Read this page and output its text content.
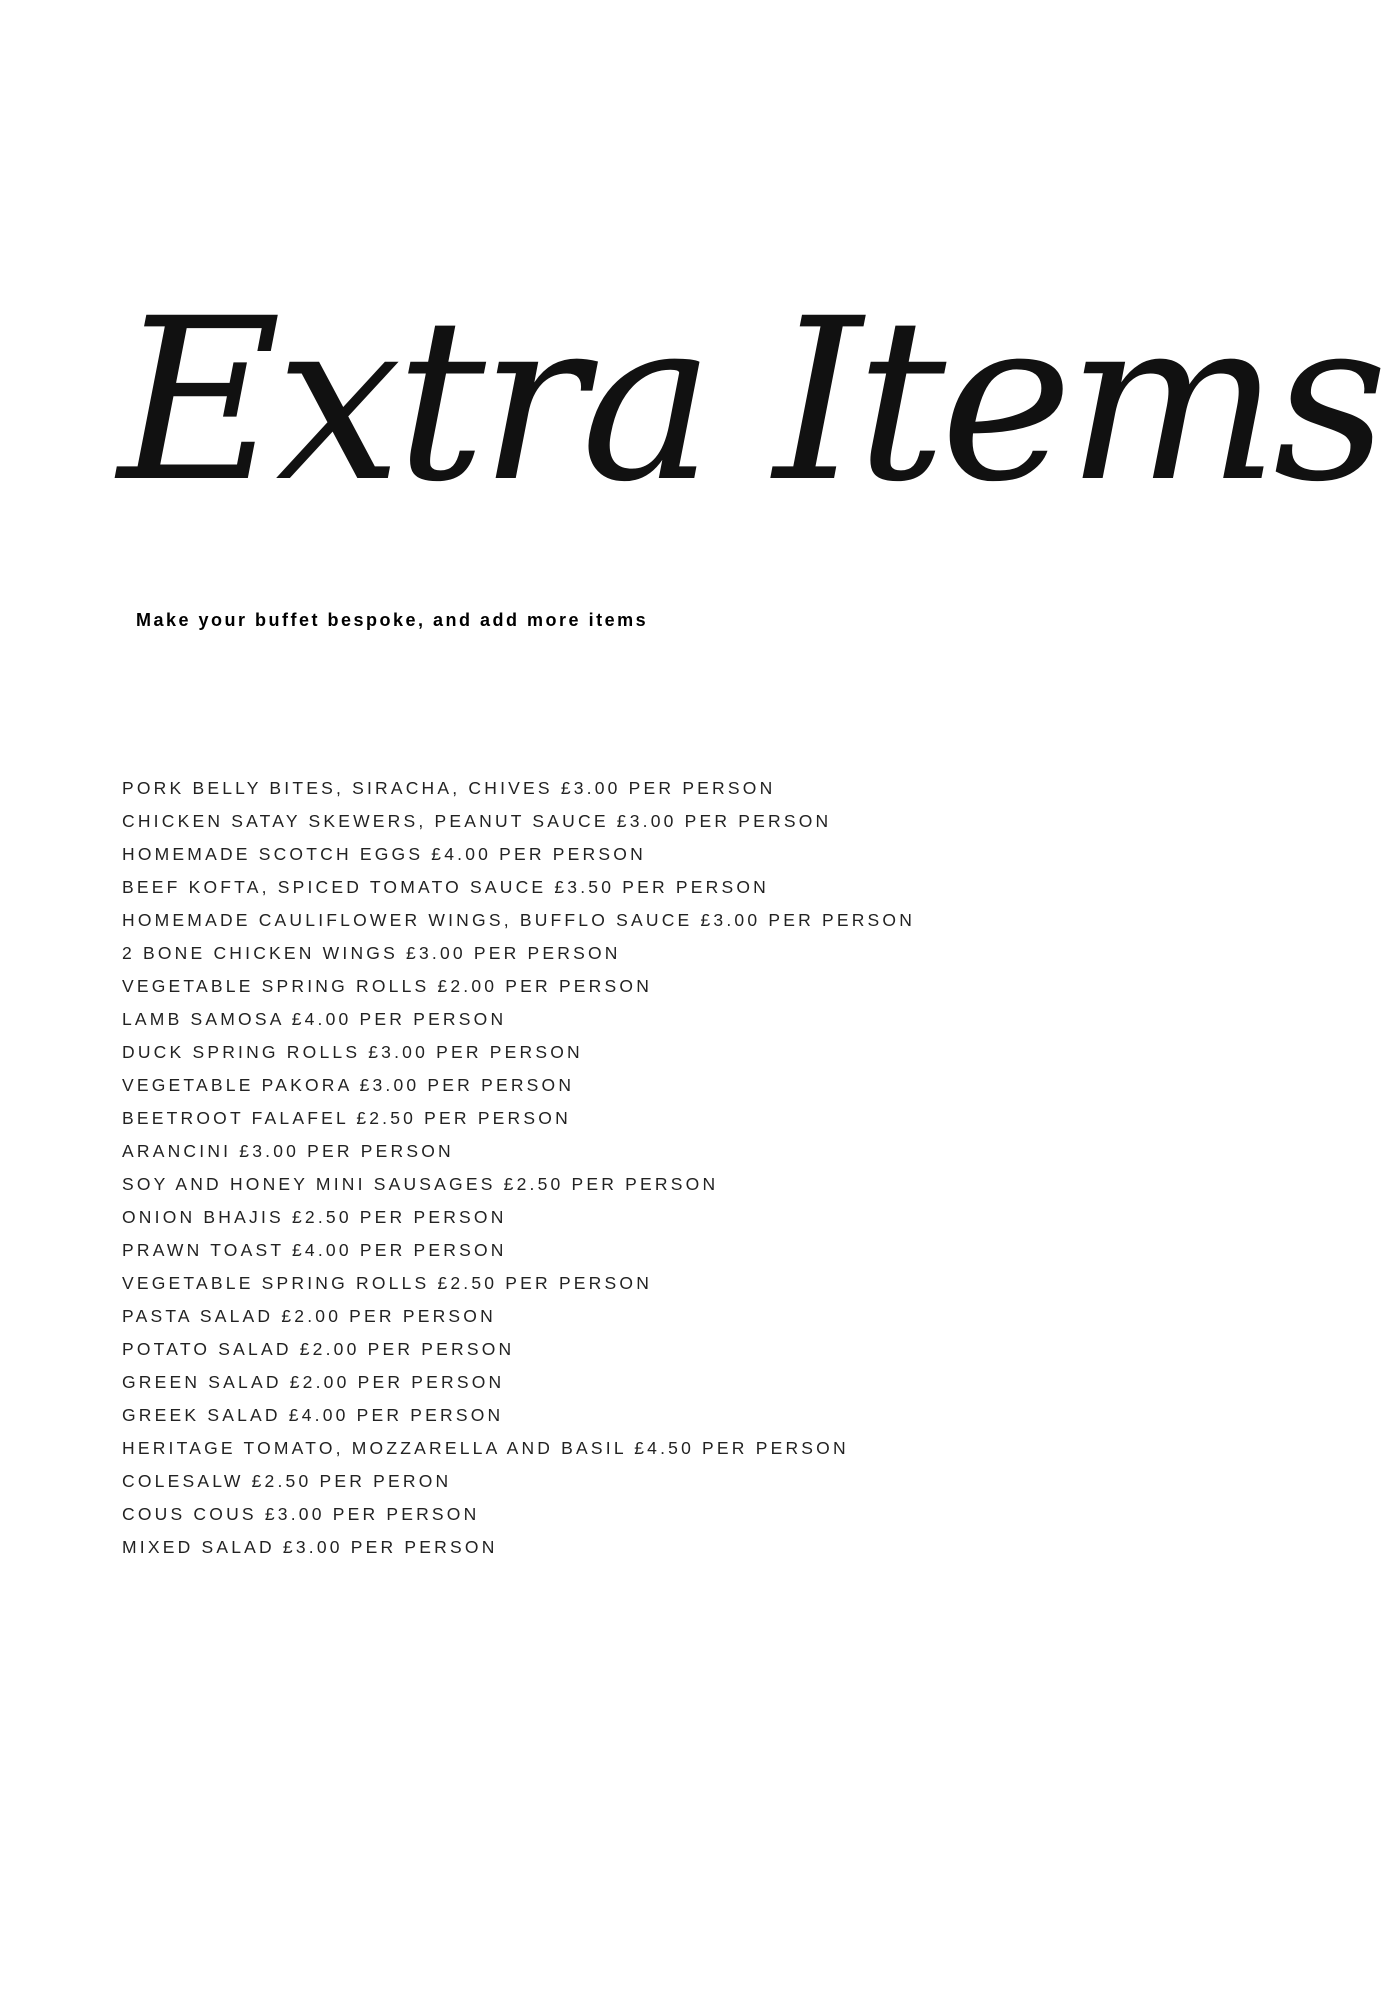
Extra Items

Make your buffet bespoke, and add more items

PORK BELLY BITES, SIRACHA, CHIVES £3.00 PER PERSON
CHICKEN SATAY SKEWERS, PEANUT SAUCE £3.00 PER PERSON
HOMEMADE SCOTCH EGGS £4.00 PER PERSON
BEEF KOFTA, SPICED TOMATO SAUCE £3.50 PER PERSON
HOMEMADE CAULIFLOWER WINGS, BUFFLO SAUCE £3.00 PER PERSON
2 BONE CHICKEN WINGS £3.00 PER PERSON
VEGETABLE SPRING ROLLS £2.00 PER PERSON
LAMB SAMOSA £4.00 PER PERSON
DUCK SPRING ROLLS £3.00 PER PERSON
VEGETABLE PAKORA £3.00 PER PERSON
BEETROOT FALAFEL £2.50 PER PERSON
ARANCINI £3.00 PER PERSON
SOY AND HONEY MINI SAUSAGES £2.50 PER PERSON
ONION BHAJIS £2.50 PER PERSON
PRAWN TOAST £4.00 PER PERSON
VEGETABLE SPRING ROLLS £2.50 PER PERSON
PASTA SALAD £2.00 PER PERSON
POTATO SALAD £2.00 PER PERSON
GREEN SALAD £2.00 PER PERSON
GREEK SALAD £4.00 PER PERSON
HERITAGE TOMATO, MOZZARELLA AND BASIL £4.50 PER PERSON
COLESALW £2.50 PER PERON
COUS COUS £3.00 PER PERSON
MIXED SALAD £3.00 PER PERSON
